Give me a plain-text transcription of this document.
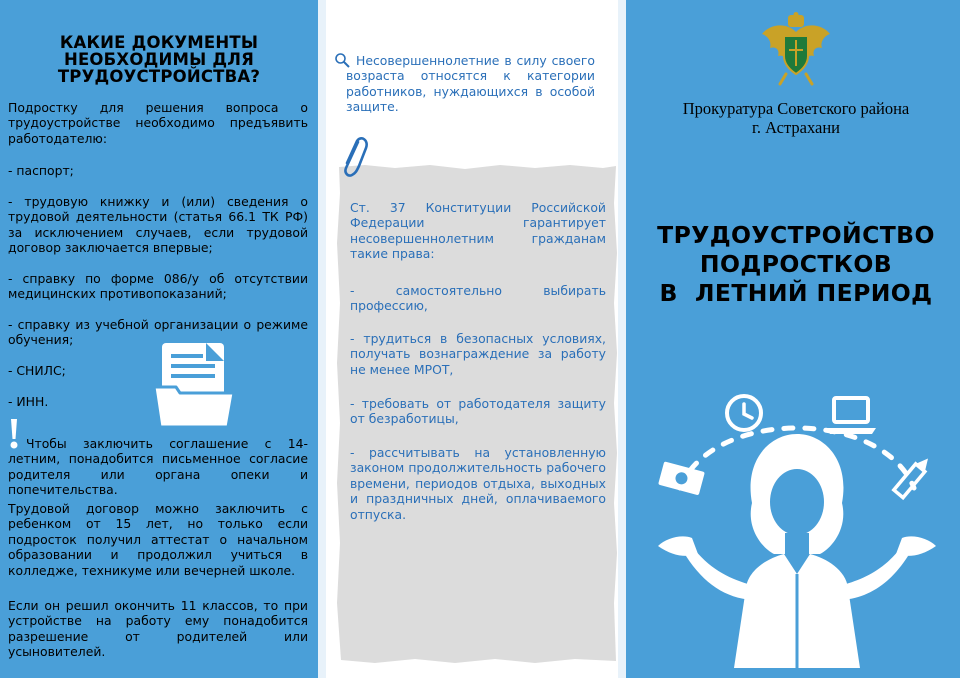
КАКИЕ ДОКУМЕНТЫ НЕОБХОДИМЫ ДЛЯ ТРУДОУСТРОЙСТВА?
Подростку для решения вопроса о трудоустройстве необходимо предъявить работодателю:
- паспорт;
- трудовую книжку и (или) сведения о трудовой деятельности (статья 66.1 ТК РФ) за исключением случаев, если трудовой договор заключается впервые;
- справку по форме 086/у об отсутствии медицинских противопоказаний;
- справку из учебной организации о режиме обучения;
- СНИЛС;
- ИНН.
Чтобы заключить соглашение с 14-летним, понадобится письменное согласие родителя или органа опеки и попечительства.
Трудовой договор можно заключить с ребенком от 15 лет, но только если подросток получил аттестат о начальном образовании и продолжил учиться в колледже, техникуме или вечерней школе.
Если он решил окончить 11 классов, то при устройстве на работу ему понадобится разрешение от родителей или усыновителей.
Несовершеннолетние в силу своего возраста относятся к категории работников, нуждающихся в особой защите.
Ст. 37 Конституции Российской Федерации гарантирует несовершеннолетним гражданам такие права:
- самостоятельно выбирать профессию,
- трудиться в безопасных условиях, получать вознаграждение за работу не менее МРОТ,
- требовать от работодателя защиту от безработицы,
- рассчитывать на установленную законом продолжительность рабочего времени, периодов отдыха, выходных и праздничных дней, оплачиваемого отпуска.
Прокуратура Советского района
г. Астрахани
ТРУДОУСТРОЙСТВО
ПОДРОСТКОВ
В  ЛЕТНИЙ ПЕРИОД
